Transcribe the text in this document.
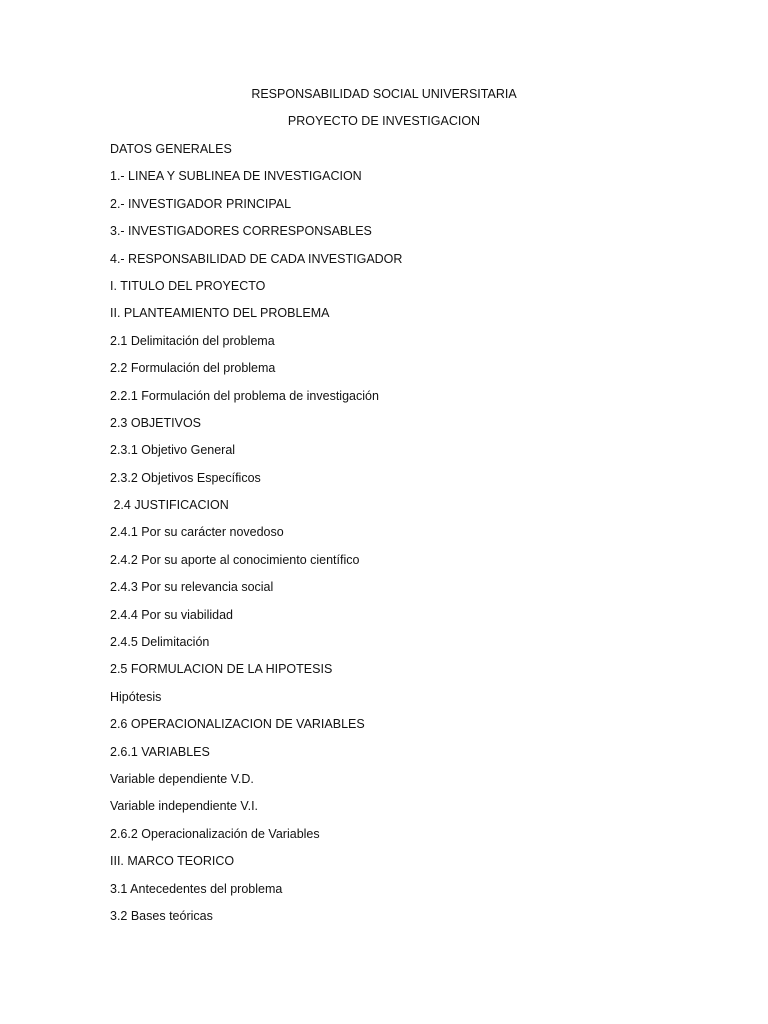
RESPONSABILIDAD SOCIAL UNIVERSITARIA
PROYECTO DE INVESTIGACION
DATOS GENERALES
1.- LINEA Y SUBLINEA DE INVESTIGACION
2.- INVESTIGADOR PRINCIPAL
3.- INVESTIGADORES CORRESPONSABLES
4.- RESPONSABILIDAD DE CADA INVESTIGADOR
I. TITULO DEL PROYECTO
II. PLANTEAMIENTO DEL PROBLEMA
2.1 Delimitación del problema
2.2 Formulación del problema
2.2.1 Formulación del problema de investigación
2.3 OBJETIVOS
2.3.1 Objetivo General
2.3.2 Objetivos Específicos
2.4 JUSTIFICACION
2.4.1 Por su carácter novedoso
2.4.2 Por su aporte al conocimiento científico
2.4.3 Por su relevancia social
2.4.4 Por su viabilidad
2.4.5 Delimitación
2.5 FORMULACION DE LA HIPOTESIS
Hipótesis
2.6 OPERACIONALIZACION DE VARIABLES
2.6.1 VARIABLES
Variable dependiente V.D.
Variable independiente V.I.
2.6.2 Operacionalización de Variables
III. MARCO TEORICO
3.1 Antecedentes del problema
3.2 Bases teóricas
